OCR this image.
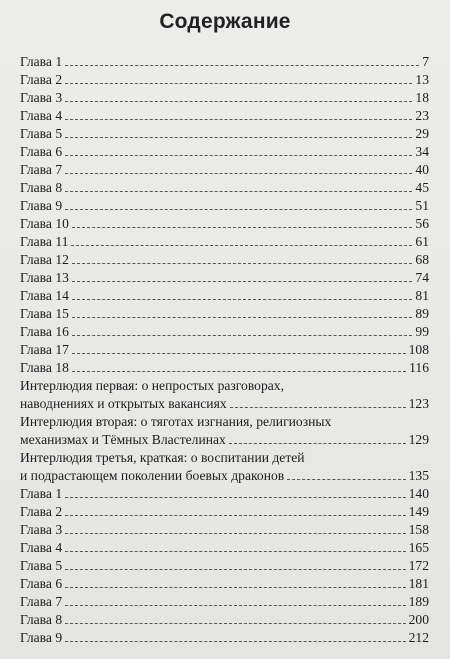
Содержание
Глава 1	7
Глава 2	13
Глава 3	18
Глава 4	23
Глава 5	29
Глава 6	34
Глава 7	40
Глава 8	45
Глава 9	51
Глава 10	56
Глава 11	61
Глава 12	68
Глава 13	74
Глава 14	81
Глава 15	89
Глава 16	99
Глава 17	108
Глава 18	116
Интерлюдия первая: о непростых разговорах,
наводнениях и открытых вакансиях	123
Интерлюдия вторая: о тяготах изгнания, религиозных
механизмах и Тёмных Властелинах	129
Интерлюдия третья, краткая: о воспитании детей
и подрастающем поколении боевых драконов	135
Глава 1	140
Глава 2	149
Глава 3	158
Глава 4	165
Глава 5	172
Глава 6	181
Глава 7	189
Глава 8	200
Глава 9	212
